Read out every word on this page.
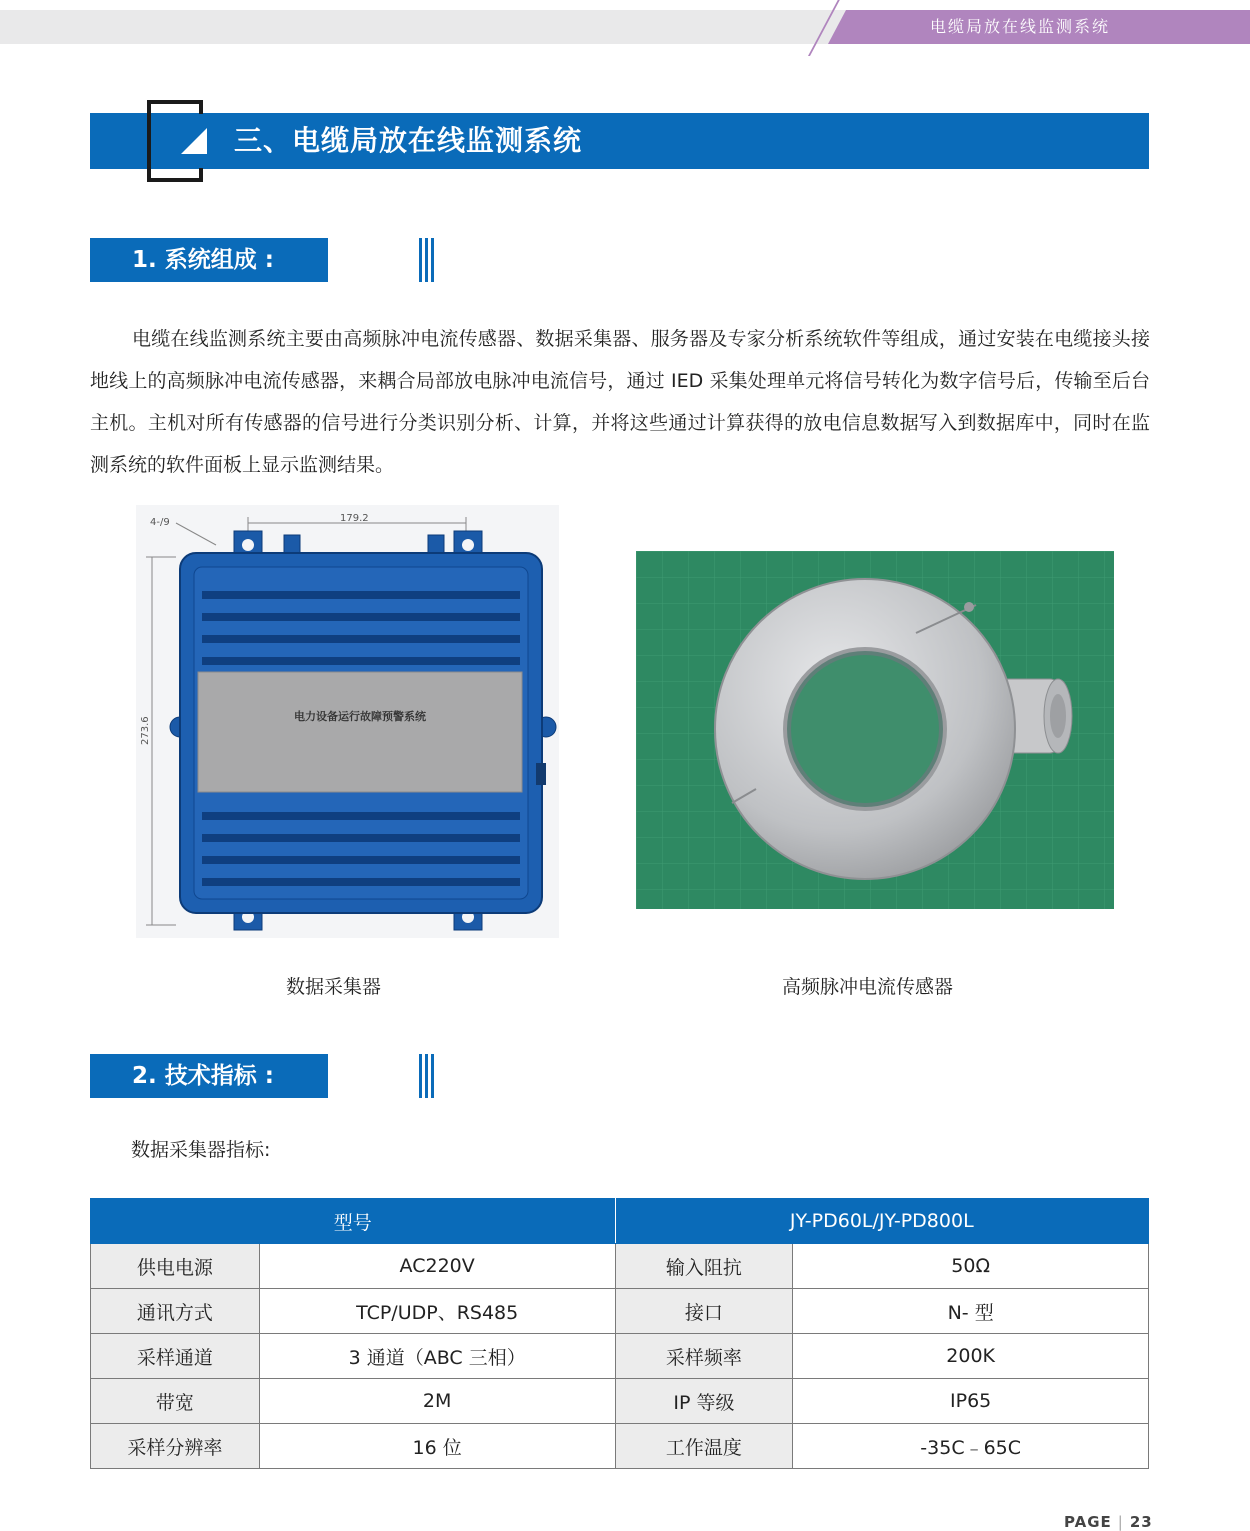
电缆局放在线监测系统
三、电缆局放在线监测系统
1. 系统组成 :

电缆在线监测系统主要由高频脉冲电流传感器、数据采集器、服务器及专家分析系统软件等组成，通过安装在电缆接头接地线上的高频脉冲电流传感器，来耦合局部放电脉冲电流信号，通过 IED 采集处理单元将信号转化为数字信号后，传输至后台主机。主机对所有传感器的信号进行分类识别分析、计算，并将这些通过计算获得的放电信息数据写入到数据库中，同时在监测系统的软件面板上显示监测结果。

179.2
4-/9
273.6	电力设备运行故障预警系统
数据采集器	高频脉冲电流传感器
2. 技术指标 :
数据采集器指标:
型号		JY-PD60L/JY-PD800L	
供电电源	AC220V	输入阻抗	50Ω
通讯方式	TCP/UDP、RS485	接口	N- 型
采样通道	3 通道（ABC 三相）	采样频率	200K
带宽	2M	IP 等级	IP65
采样分辨率	16 位	工作温度	-35C﹣65C
PAGE | 23
